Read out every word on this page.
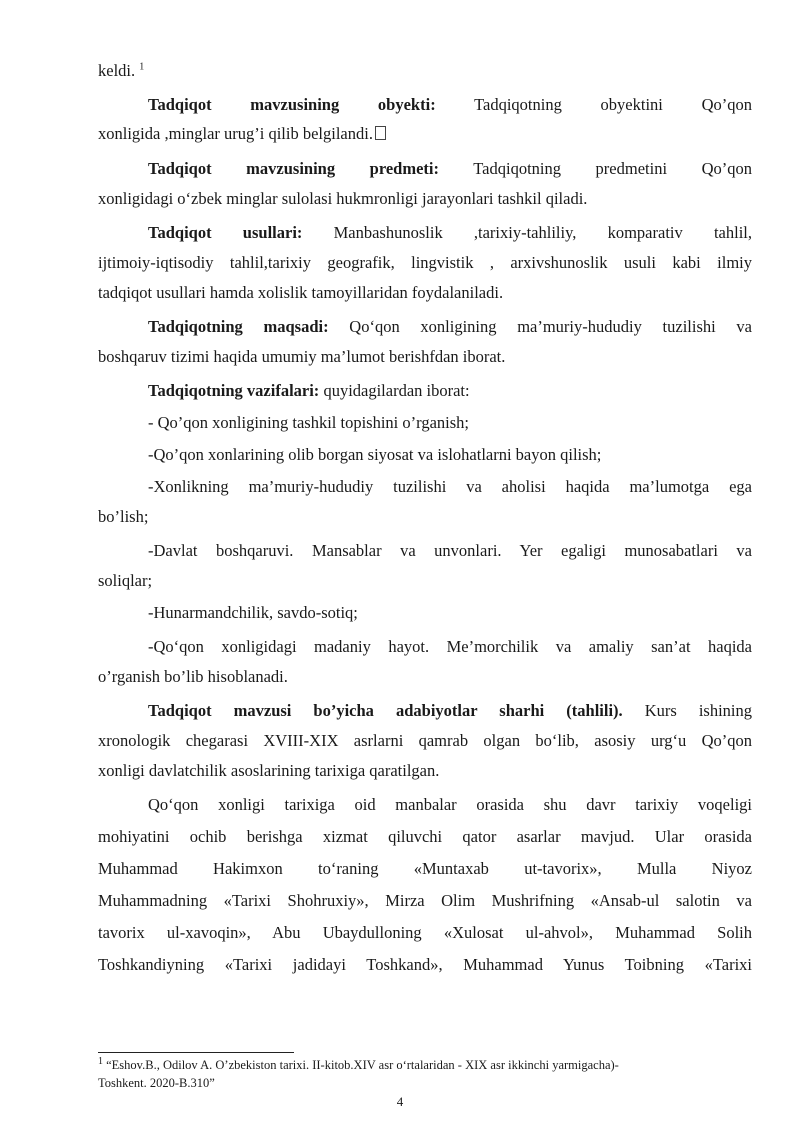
keldi. $^1$
Tadqiqot mavzusining obyekti: Tadqiqotning obyektini Qo’qon
xonligida ,minglar urug’i qilib belgilandi.
Tadqiqot mavzusining predmeti: Tadqiqotning predmetini Qo’qon
xonligidagi o‘zbek minglar sulolasi hukmronligi jarayonlari tashkil qiladi.
Tadqiqot usullari: Manbashunoslik ,tarixiy-tahliliy, komparativ tahlil,
ijtimoiy-iqtisodiy tahlil,tarixiy geografik, lingvistik , arxivshunoslik usuli kabi ilmiy
tadqiqot usullari hamda xolislik tamoyillaridan foydalaniladi.
Tadqiqotning maqsadi: Qo‘qon xonligining ma’muriy-hududiy tuzilishi va
boshqaruv tizimi haqida umumiy ma’lumot berishfdan iborat.
Tadqiqotning vazifalari: quyidagilardan iborat:
- Qo’qon xonligining tashkil topishini o’rganish;
-Qo’qon xonlarining olib borgan siyosat va islohatlarni bayon qilish;
-Xonlikning ma’muriy-hududiy tuzilishi va aholisi haqida ma’lumotga ega
bo’lish;
-Davlat boshqaruvi. Mansablar va unvonlari. Yer egaligi munosabatlari va
soliqlar;
-Hunarmandchilik, savdo-sotiq;
-Qo‘qon xonligidagi madaniy hayot. Me’morchilik va amaliy san’at haqida
o’rganish bo’lib hisoblanadi.
Tadqiqot mavzusi bo’yicha adabiyotlar sharhi (tahlili). Kurs ishining
xronologik chegarasi XVIII-XIX asrlarni qamrab olgan bo‘lib, asosiy urg‘u Qo’qon
xonligi davlatchilik asoslarining tarixiga qaratilgan.
Qo‘qon xonligi tarixiga oid manbalar orasida shu davr tarixiy voqeligi
mohiyatini ochib berishga xizmat qiluvchi qator asarlar mavjud. Ular orasida
Muhammad Hakimxon to‘raning «Muntaxab ut-tavorix», Mulla Niyoz
Muhammadning «Tarixi Shohruxiy», Mirza Olim Mushrifning «Ansab-ul salotin va
tavorix ul-xavoqin», Abu Ubaydulloning «Xulosat ul-ahvol», Muhammad Solih
Toshkandiyning «Tarixi jadidayi Toshkand», Muhammad Yunus Toibning «Tarixi
$^1$ “Eshov.B., Odilov A. O’zbekiston tarixi. II-kitob.XIV asr o‘rtalaridan - XIX asr ikkinchi yarmigacha)-
Toshkent. 2020-B.310”
4
